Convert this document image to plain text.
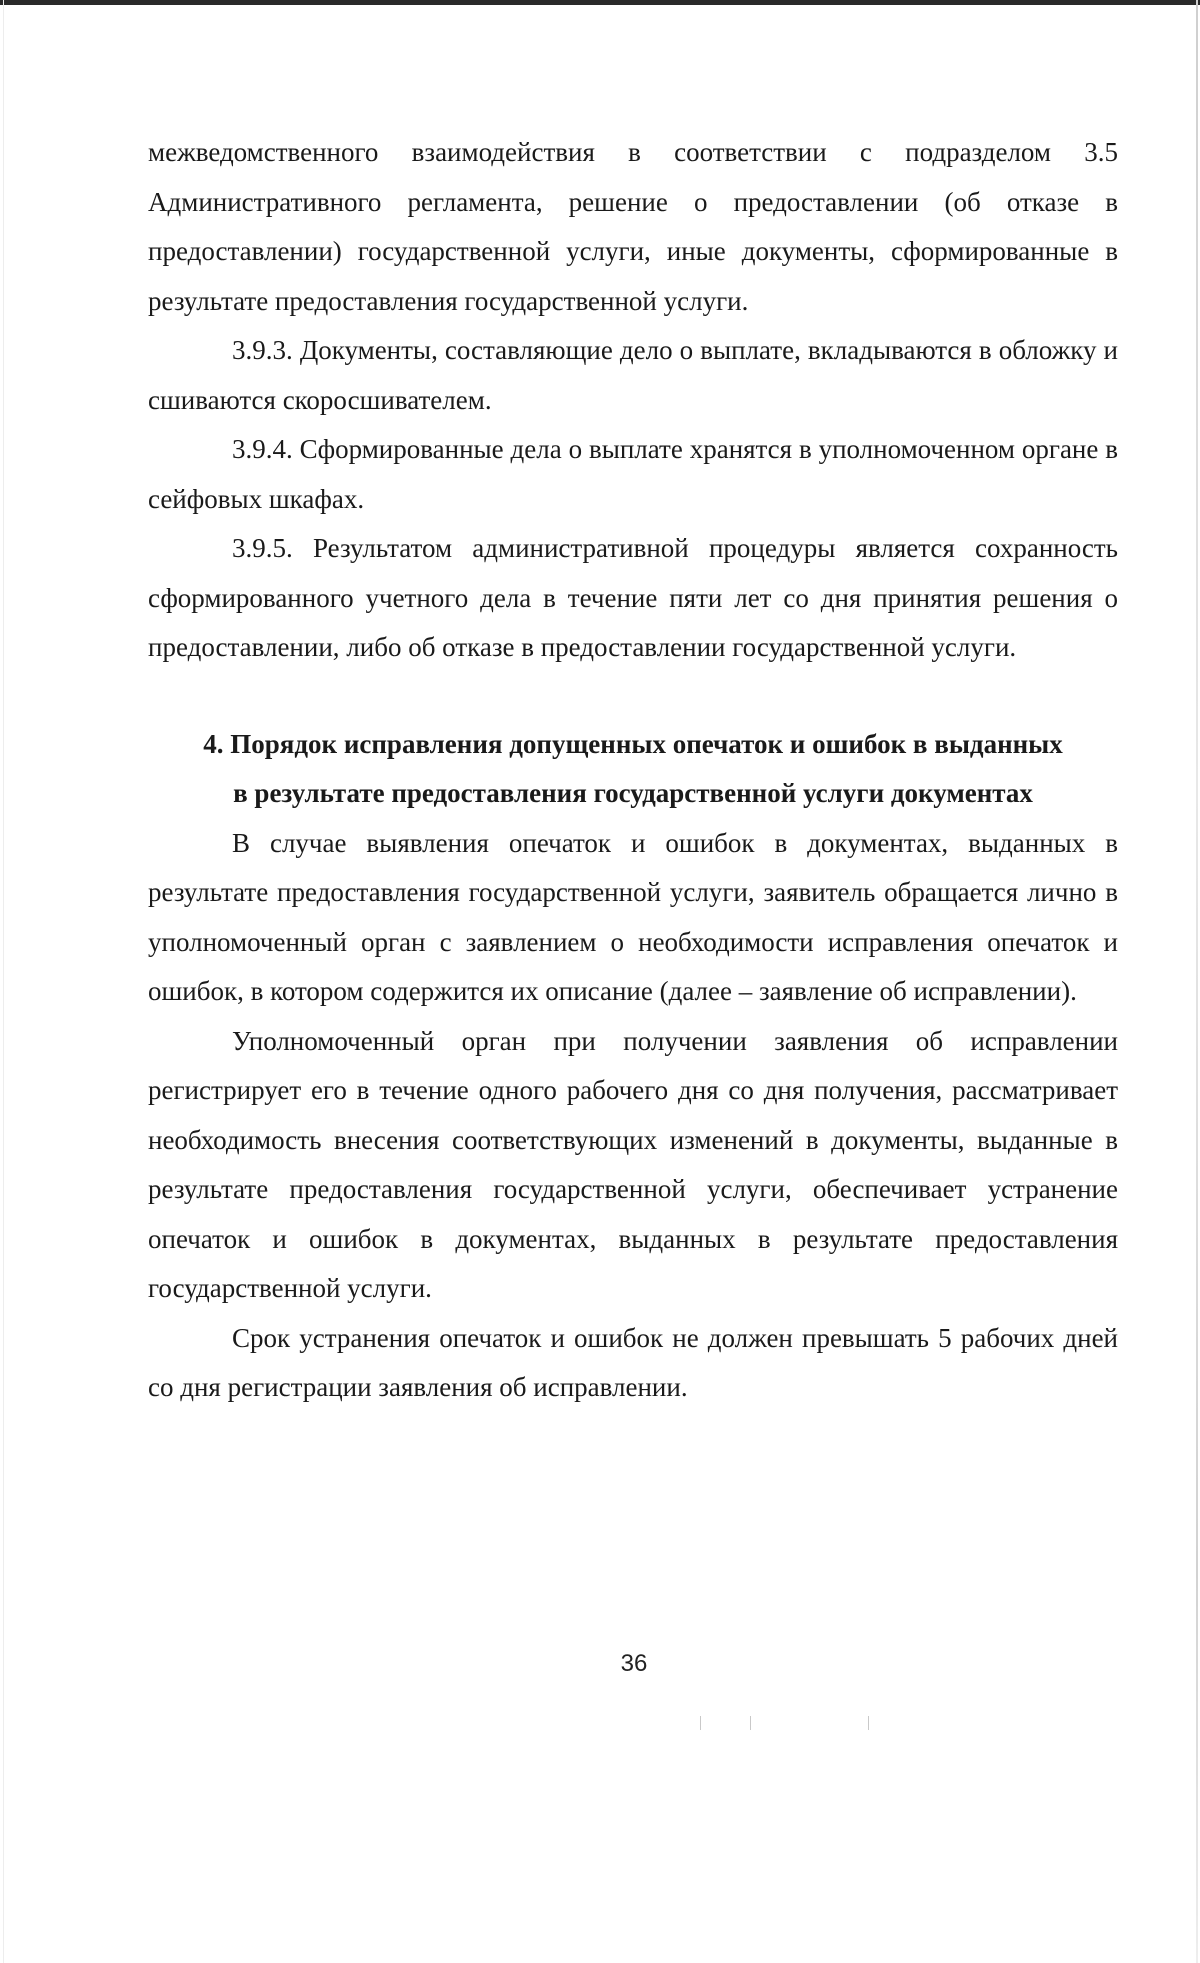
межведомственного взаимодействия в соответствии с подразделом 3.5 Административного регламента, решение о предоставлении (об отказе в предоставлении) государственной услуги, иные документы, сформированные в результате предоставления государственной услуги.

3.9.3. Документы, составляющие дело о выплате, вкладываются в обложку и сшиваются скоросшивателем.

3.9.4. Сформированные дела о выплате хранятся в уполномоченном органе в сейфовых шкафах.

3.9.5. Результатом административной процедуры является сохранность сформированного учетного дела в течение пяти лет со дня принятия решения о предоставлении, либо об отказе в предоставлении государственной услуги.

4. Порядок исправления допущенных опечаток и ошибок в выданных
в результате предоставления государственной услуги документах

В случае выявления опечаток и ошибок в документах, выданных в результате предоставления государственной услуги, заявитель обращается лично в уполномоченный орган с заявлением о необходимости исправления опечаток и ошибок, в котором содержится их описание (далее – заявление об исправлении).

Уполномоченный орган при получении заявления об исправлении регистрирует его в течение одного рабочего дня со дня получения, рассматривает необходимость внесения соответствующих изменений в документы, выданные в результате предоставления государственной услуги, обеспечивает устранение опечаток и ошибок в документах, выданных в результате предоставления государственной услуги.

Срок устранения опечаток и ошибок не должен превышать 5 рабочих дней со дня регистрации заявления об исправлении.

36
